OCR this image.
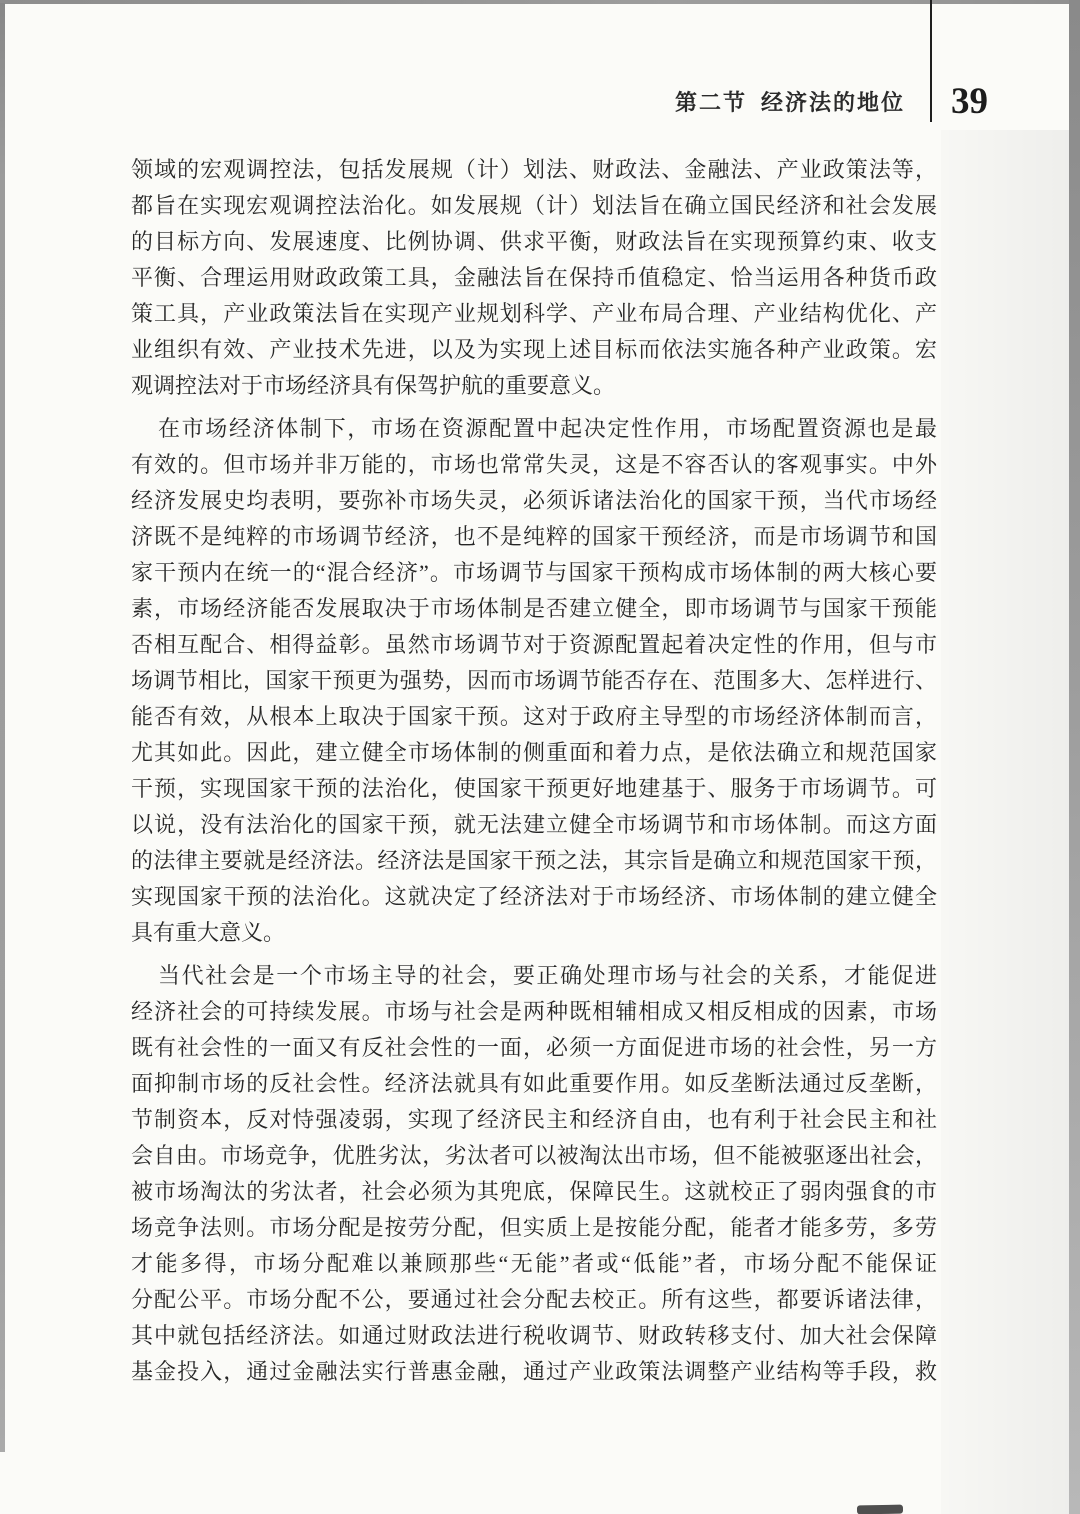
第二节 经济法的地位 39
领域的宏观调控法，包括发展规（计）划法、财政法、金融法、产业政策法等，
都旨在实现宏观调控法治化。如发展规（计）划法旨在确立国民经济和社会发展
的目标方向、发展速度、比例协调、供求平衡，财政法旨在实现预算约束、收支
平衡、合理运用财政政策工具，金融法旨在保持币值稳定、恰当运用各种货币政
策工具，产业政策法旨在实现产业规划科学、产业布局合理、产业结构优化、产
业组织有效、产业技术先进，以及为实现上述目标而依法实施各种产业政策。宏
观调控法对于市场经济具有保驾护航的重要意义。
在市场经济体制下，市场在资源配置中起决定性作用，市场配置资源也是最
有效的。但市场并非万能的，市场也常常失灵，这是不容否认的客观事实。中外
经济发展史均表明，要弥补市场失灵，必须诉诸法治化的国家干预，当代市场经
济既不是纯粹的市场调节经济，也不是纯粹的国家干预经济，而是市场调节和国
家干预内在统一的“混合经济”。市场调节与国家干预构成市场体制的两大核心要
素，市场经济能否发展取决于市场体制是否建立健全，即市场调节与国家干预能
否相互配合、相得益彰。虽然市场调节对于资源配置起着决定性的作用，但与市
场调节相比，国家干预更为强势，因而市场调节能否存在、范围多大、怎样进行、
能否有效，从根本上取决于国家干预。这对于政府主导型的市场经济体制而言，
尤其如此。因此，建立健全市场体制的侧重面和着力点，是依法确立和规范国家
干预，实现国家干预的法治化，使国家干预更好地建基于、服务于市场调节。可
以说，没有法治化的国家干预，就无法建立健全市场调节和市场体制。而这方面
的法律主要就是经济法。经济法是国家干预之法，其宗旨是确立和规范国家干预，
实现国家干预的法治化。这就决定了经济法对于市场经济、市场体制的建立健全
具有重大意义。
当代社会是一个市场主导的社会，要正确处理市场与社会的关系，才能促进
经济社会的可持续发展。市场与社会是两种既相辅相成又相反相成的因素，市场
既有社会性的一面又有反社会性的一面，必须一方面促进市场的社会性，另一方
面抑制市场的反社会性。经济法就具有如此重要作用。如反垄断法通过反垄断，
节制资本，反对恃强凌弱，实现了经济民主和经济自由，也有利于社会民主和社
会自由。市场竞争，优胜劣汰，劣汰者可以被淘汰出市场，但不能被驱逐出社会，
被市场淘汰的劣汰者，社会必须为其兜底，保障民生。这就校正了弱肉强食的市
场竞争法则。市场分配是按劳分配，但实质上是按能分配，能者才能多劳，多劳
才能多得，市场分配难以兼顾那些“无能”者或“低能”者，市场分配不能保证
分配公平。市场分配不公，要通过社会分配去校正。所有这些，都要诉诸法律，
其中就包括经济法。如通过财政法进行税收调节、财政转移支付、加大社会保障
基金投入，通过金融法实行普惠金融，通过产业政策法调整产业结构等手段，救
